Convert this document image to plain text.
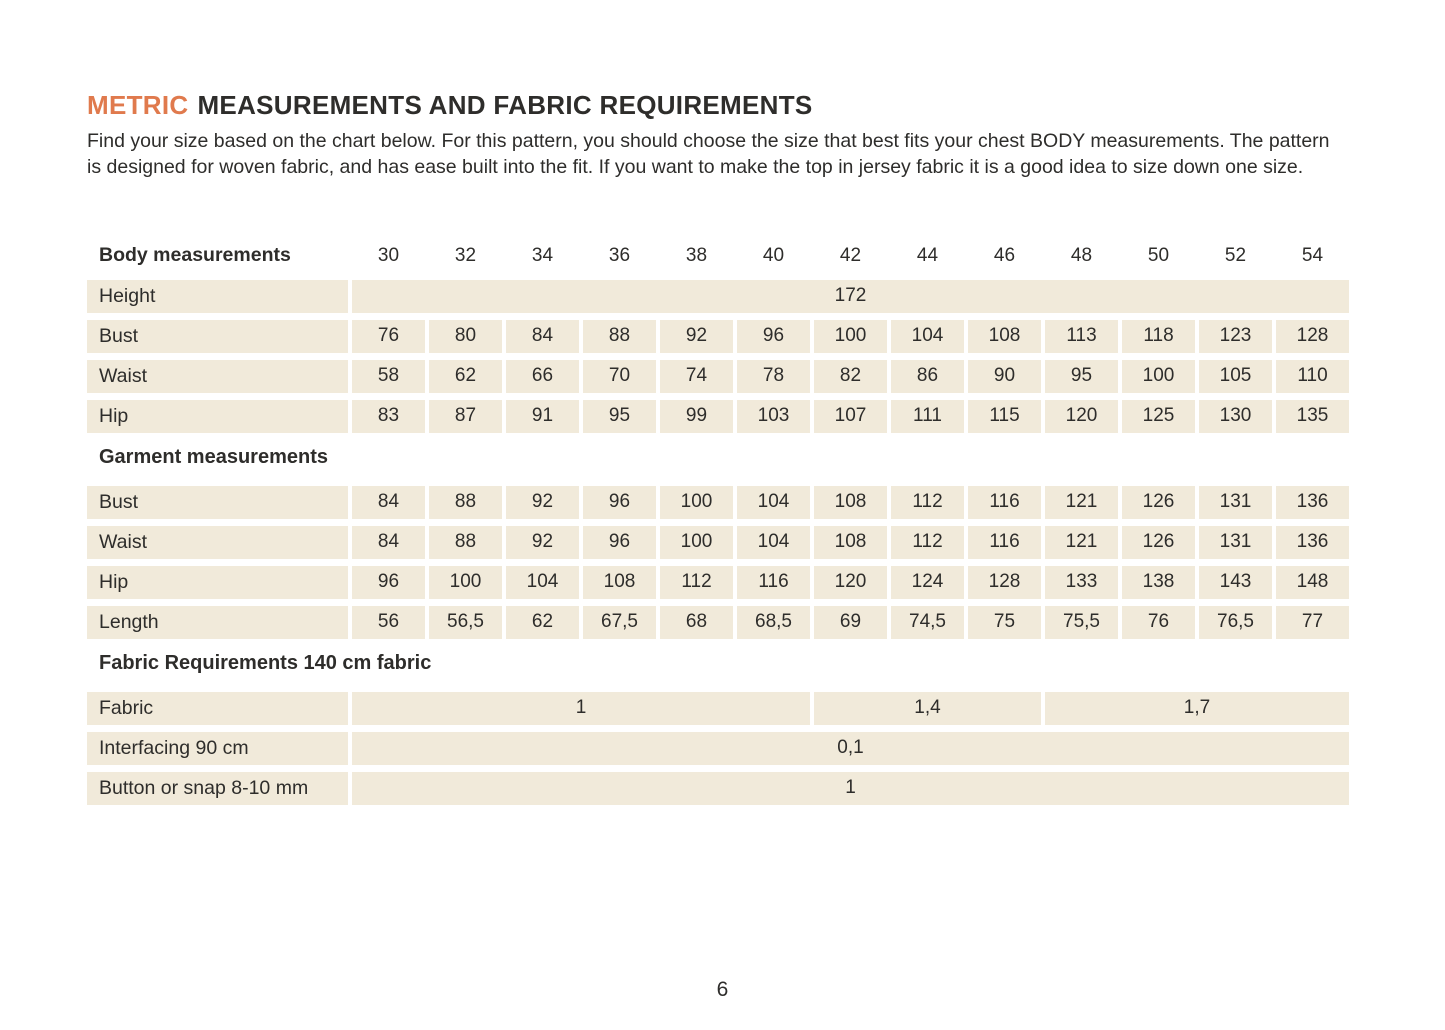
METRIC MEASUREMENTS AND FABRIC REQUIREMENTS

Find your size based on the chart below. For this pattern, you should choose the size that best fits your chest BODY measurements. The pattern is designed for woven fabric, and has ease built into the fit. If you want to make the top in jersey fabric it is a good idea to size down one size.

Body measurements	30	32	34	36	38	40	42	44	46	48	50	52	54
Height	172
Bust	76	80	84	88	92	96	100	104	108	113	118	123	128
Waist	58	62	66	70	74	78	82	86	90	95	100	105	110
Hip	83	87	91	95	99	103	107	111	115	120	125	130	135
Garment measurements
Bust	84	88	92	96	100	104	108	112	116	121	126	131	136
Waist	84	88	92	96	100	104	108	112	116	121	126	131	136
Hip	96	100	104	108	112	116	120	124	128	133	138	143	148
Length	56	56,5	62	67,5	68	68,5	69	74,5	75	75,5	76	76,5	77
Fabric Requirements 140 cm fabric
Fabric	1	1,4	1,7
Interfacing 90 cm	0,1
Button or snap 8-10 mm	1
6
